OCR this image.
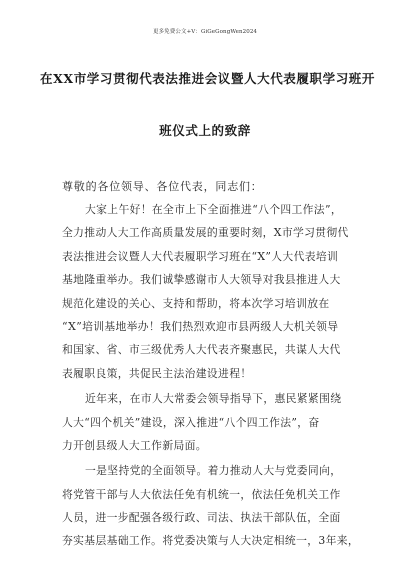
更多免费公文+V：GiGeGongWen2024
在XX市学习贯彻代表法推进会议暨人大代表履职学习班开
班仪式上的致辞
尊敬的各位领导、各位代表，同志们：
大家上午好！在全市上下全面推进“八个四工作法”，
全力推动人大工作高质量发展的重要时刻，X市学习贯彻代
表法推进会议暨人大代表履职学习班在“X”人大代表培训
基地隆重举办。我们诚挚感谢市人大领导对我县推进人大
规范化建设的关心、支持和帮助，将本次学习培训放在
“X”培训基地举办！我们热烈欢迎市县两级人大机关领导
和国家、省、市三级优秀人大代表齐聚惠民，共谋人大代
表履职良策，共促民主法治建设进程！
近年来，在市人大常委会领导指导下，惠民紧紧围绕
人大“四个机关”建设，深入推进“八个四工作法”，奋
力开创县级人大工作新局面。
一是坚持党的全面领导。着力推动人大与党委同向，
将党管干部与人大依法任免有机统一，依法任免机关工作
人员，进一步配强各级行政、司法、执法干部队伍，全面
夯实基层基础工作。将党委决策与人大决定相统一，3年来，
